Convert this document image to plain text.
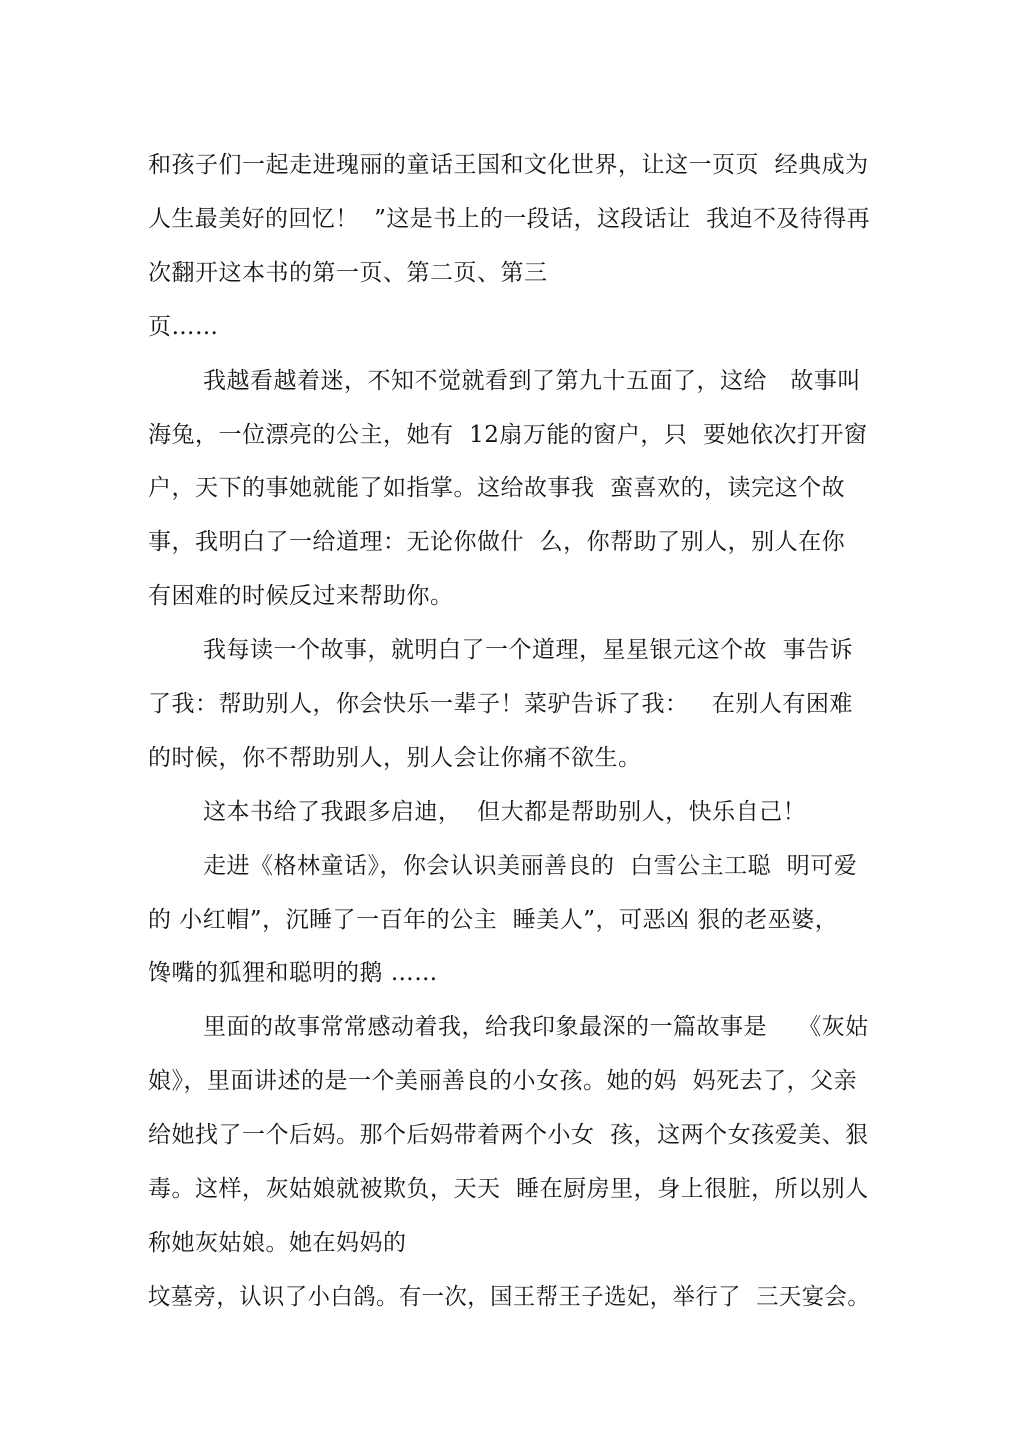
和孩子们一起走进瑰丽的童话王国和文化世界，让这一页页  经典成为
人生最美好的回忆！  ”这是书上的一段话，这段话让  我迫不及待得再
次翻开这本书的第一页、第二页、第三
页……
我越看越着迷，不知不觉就看到了第九十五面了，这给   故事叫
海兔，一位漂亮的公主，她有  12扇万能的窗户，只  要她依次打开窗
户，天下的事她就能了如指掌。这给故事我  蛮喜欢的，读完这个故
事，我明白了一给道理：无论你做什  么，你帮助了别人，别人在你
有困难的时候反过来帮助你。
我每读一个故事，就明白了一个道理，星星银元这个故  事告诉
了我：帮助别人，你会快乐一辈子！菜驴告诉了我：   在别人有困难
的时候，你不帮助别人，别人会让你痛不欲生。
这本书给了我跟多启迪，  但大都是帮助别人，快乐自己！
走进《格林童话》，你会认识美丽善良的  白雪公主工聪  明可爱
的 小红帽”，沉睡了一百年的公主  睡美人”，可恶凶 狠的老巫婆，
馋嘴的狐狸和聪明的鹅 ……
里面的故事常常感动着我，给我印象最深的一篇故事是    《灰姑
娘》，里面讲述的是一个美丽善良的小女孩。她的妈  妈死去了，父亲
给她找了一个后妈。那个后妈带着两个小女  孩，这两个女孩爱美、狠
毒。这样，灰姑娘就被欺负，天天  睡在厨房里，身上很脏，所以别人
称她灰姑娘。她在妈妈的
坟墓旁，认识了小白鸽。有一次，国王帮王子选妃，举行了  三天宴会。
